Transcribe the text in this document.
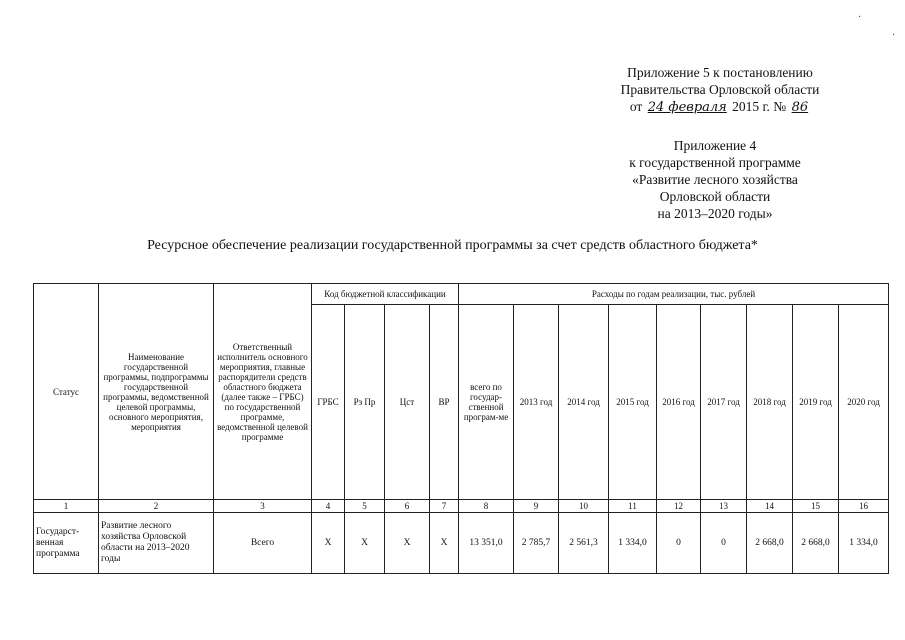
·
·
Приложение 5 к постановлению
Правительства Орловской области
от 24 февраля 2015 г. № 86
Приложение 4
к государственной программе
«Развитие лесного хозяйства
Орловской области
на 2013–2020 годы»
Ресурсное обеспечение реализации государственной программы за счет средств областного бюджета*
Статус	Наименование государственной программы, подпрограммы государственной программы, ведомственной целевой программы, основного мероприятия, мероприятия	Ответственный исполнитель основного мероприятия, главные распорядители средств областного бюджета (далее также – ГРБС) по государственной программе, ведомственной целевой программе	Код бюджетной классификации				Расходы по годам реализации, тыс. рублей								
			ГРБС	Рз Пр	Цст	ВР	всего по государ-ственной програм-ме	2013 год	2014 год	2015 год	2016 год	2017 год	2018 год	2019 год	2020 год
1	2	3	4	5	6	7	8	9	10	11	12	13	14	15	16
Государст-венная программа	Развитие лесного хозяйства Орловской области на 2013–2020 годы	Всего	Х	Х	Х	Х	13 351,0	2 785,7	2 561,3	1 334,0	0	0	2 668,0	2 668,0	1 334,0
